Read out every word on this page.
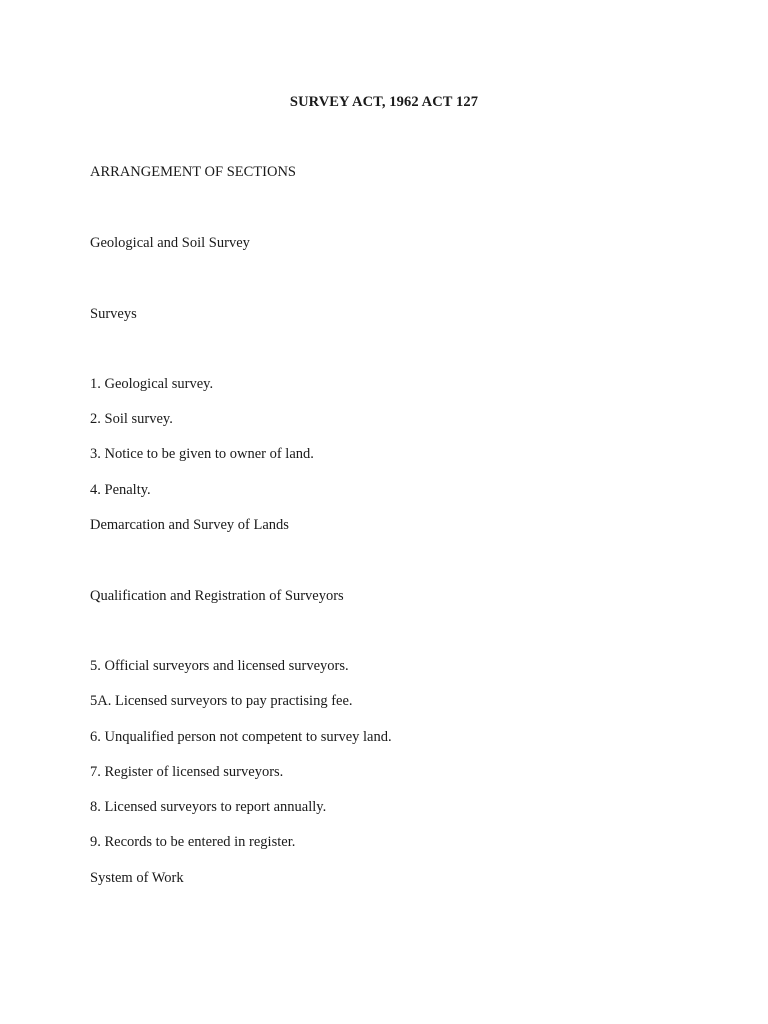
SURVEY ACT, 1962 ACT 127
ARRANGEMENT OF SECTIONS
Geological and Soil Survey
Surveys
1. Geological survey.
2. Soil survey.
3. Notice to be given to owner of land.
4. Penalty.
Demarcation and Survey of Lands
Qualification and Registration of Surveyors
5. Official surveyors and licensed surveyors.
5A. Licensed surveyors to pay practising fee.
6. Unqualified person not competent to survey land.
7. Register of licensed surveyors.
8. Licensed surveyors to report annually.
9. Records to be entered in register.
System of Work
